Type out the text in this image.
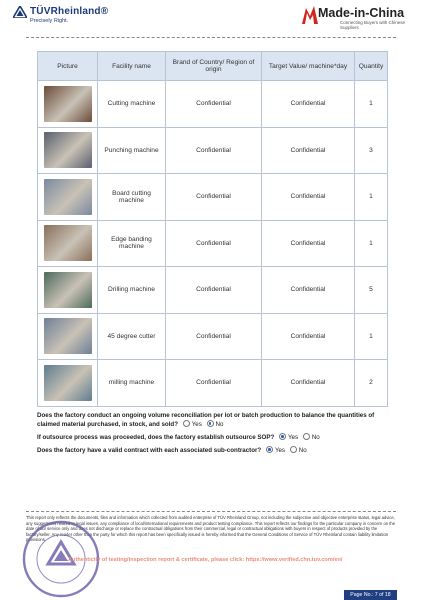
TÜVRheinland®
Precisely Right.
Made-in-China
Connecting Buyers with Chinese Suppliers
Picture	Facility name	Brand of Country/ Region of origin	Target Value/ machine*day	Quantity

	Cutting machine	Confidential	Confidential	1

	Punching machine	Confidential	Confidential	3

	Board cutting machine	Confidential	Confidential	1

	Edge banding machine	Confidential	Confidential	1

	Drilling machine	Confidential	Confidential	5

	45 degree cutter	Confidential	Confidential	1

	milling machine	Confidential	Confidential	2
Does the factory conduct an ongoing volume reconciliation per lot or batch production to balance the quantities of claimed material purchased, in stock, and sold? Yes No
If outsource process was proceeded, does the factory establish outsource SOP? Yes No
Does the factory have a valid contract with each associated sub-contractor? Yes No
This report only reflects the documents, files and information which collected from audited enterprise of TÜV Rheinland Group, not including the subjective and objective enterprise status, legal advice, any suggestions related to legal issues, any compliance of local/international requirements and product testing compliance. This report reflects our findings for the particular company in concern on the date of our service only and does not discharge or replace the contractual obligations from their commercial, legal or contractual obligations with buyers in respect of products provided by the factory/seller. Any reader other than the party for which this report has been specifically issued is hereby informed that the General Conditions of Service of TÜV Rheinland contain liability limitation provisions.
Authenticity of testing/inspection report & certificate, please click: https://www.verified.chn.tuv.com/en/
Page No.: 7 of 18
